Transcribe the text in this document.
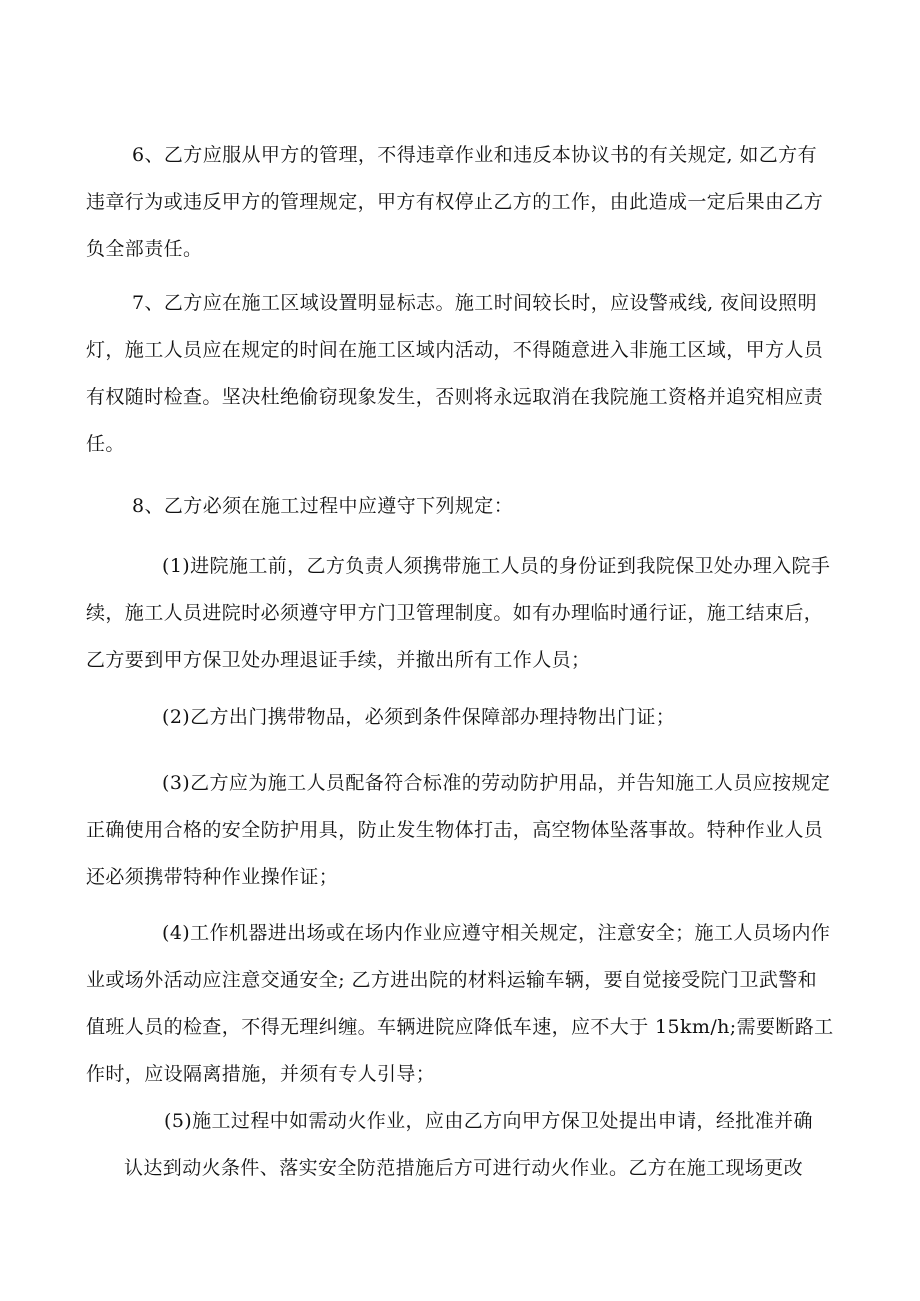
6、乙方应服从甲方的管理，不得违章作业和违反本协议书的有关规定, 如乙方有
违章行为或违反甲方的管理规定，甲方有权停止乙方的工作，由此造成一定后果由乙方
负全部责任。

7、乙方应在施工区域设置明显标志。施工时间较长时，应设警戒线, 夜间设照明
灯，施工人员应在规定的时间在施工区域内活动，不得随意进入非施工区域，甲方人员
有权随时检查。坚决杜绝偷窃现象发生，否则将永远取消在我院施工资格并追究相应责
任。

8、乙方必须在施工过程中应遵守下列规定：

(1)进院施工前，乙方负责人须携带施工人员的身份证到我院保卫处办理入院手
续，施工人员进院时必须遵守甲方门卫管理制度。如有办理临时通行证，施工结束后，
乙方要到甲方保卫处办理退证手续，并撤出所有工作人员；

(2)乙方出门携带物品，必须到条件保障部办理持物出门证；

(3)乙方应为施工人员配备符合标准的劳动防护用品，并告知施工人员应按规定
正确使用合格的安全防护用具，防止发生物体打击，高空物体坠落事故。特种作业人员
还必须携带特种作业操作证；

(4)工作机器进出场或在场内作业应遵守相关规定，注意安全；施工人员场内作
业或场外活动应注意交通安全; 乙方进出院的材料运输车辆，要自觉接受院门卫武警和
值班人员的检查，不得无理纠缠。车辆进院应降低车速，应不大于 15km/h;需要断路工
作时，应设隔离措施，并须有专人引导；

(5)施工过程中如需动火作业，应由乙方向甲方保卫处提出申请，经批准并确
认达到动火条件、落实安全防范措施后方可进行动火作业。乙方在施工现场更改
